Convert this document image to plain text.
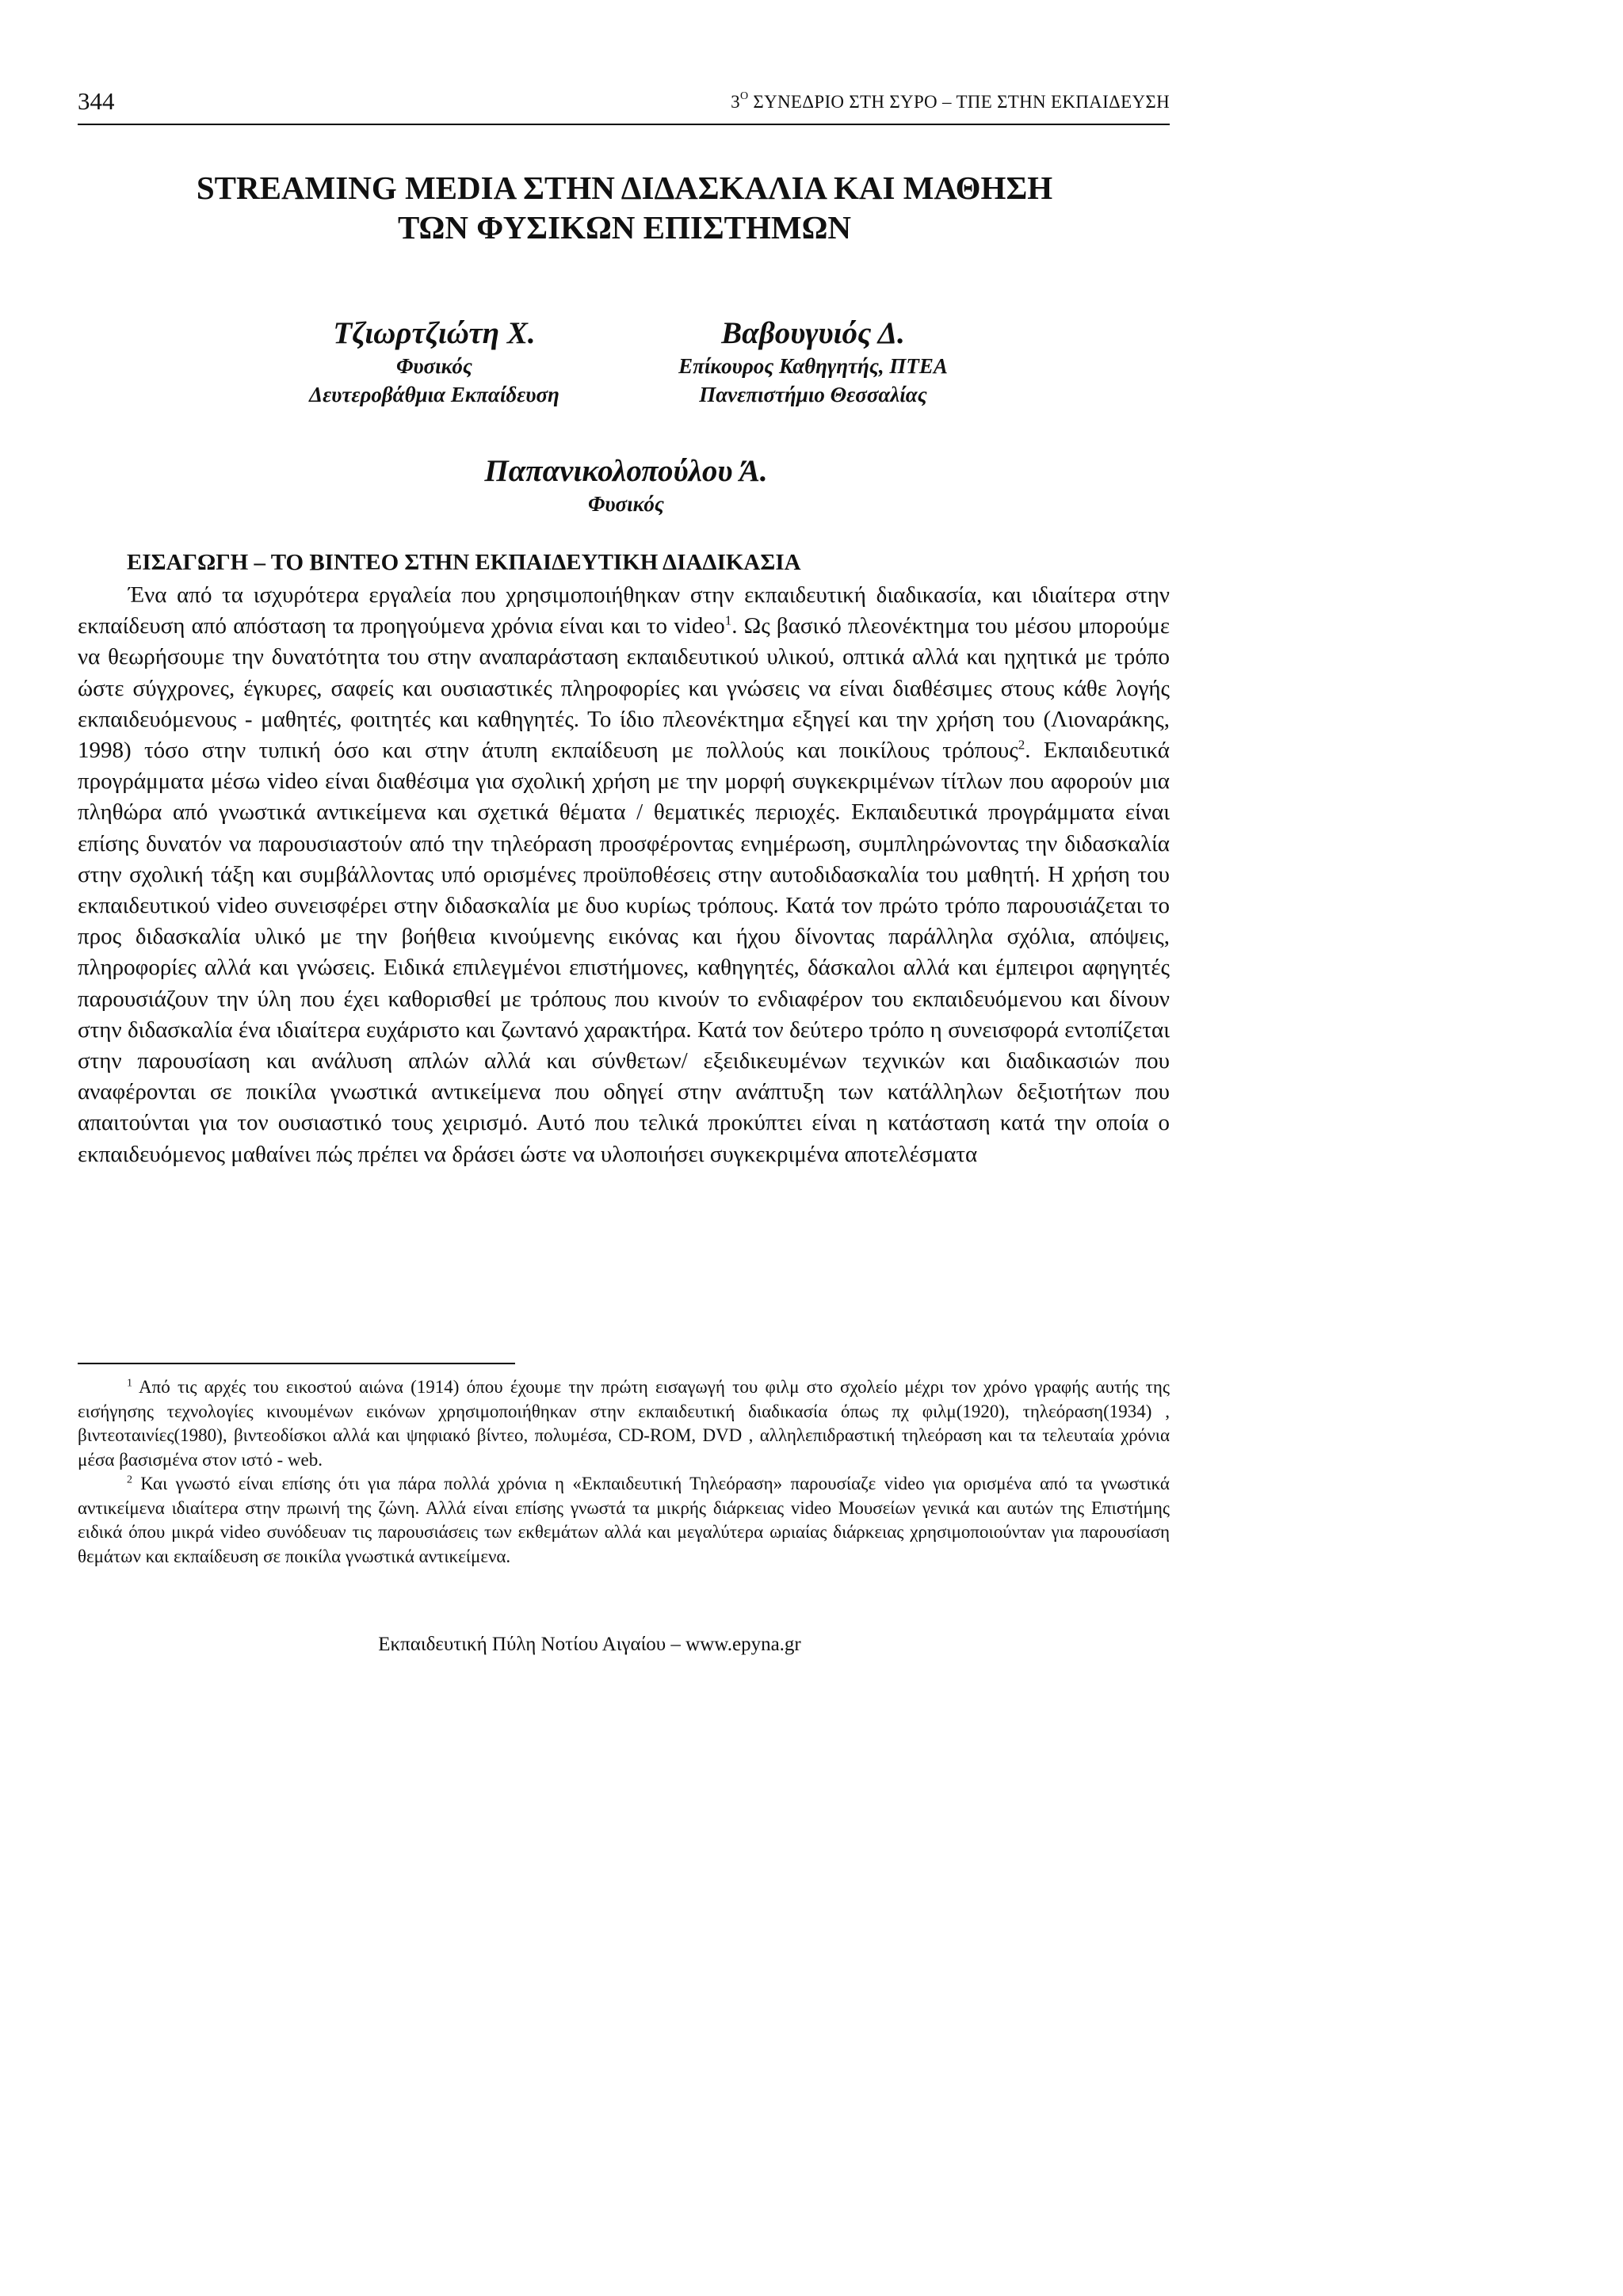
344	$3^O$ ΣΥΝΕΔΡΙΟ ΣΤΗ ΣΥΡΟ – ΤΠΕ ΣΤΗΝ ΕΚΠΑΙΔΕΥΣΗ
STREAMING MEDIA ΣΤΗΝ ΔΙΔΑΣΚΑΛΙΑ ΚΑΙ ΜΑΘΗΣΗ
ΤΩΝ ΦΥΣΙΚΩΝ ΕΠΙΣΤΗΜΩΝ
Τζιωρτζιώτη Χ.
Φυσικός
Δευτεροβάθμια Εκπαίδευση
Βαβουγυιός Δ.
Επίκουρος Καθηγητής, ΠΤΕΑ
Πανεπιστήμιο Θεσσαλίας
Παπανικολοπούλου Ά.
Φυσικός
ΕΙΣΑΓΩΓΗ – ΤΟ ΒΙΝΤΕΟ ΣΤΗΝ ΕΚΠΑΙΔΕΥΤΙΚΗ ΔΙΑΔΙΚΑΣΙΑ

Ένα από τα ισχυρότερα εργαλεία που χρησιμοποιήθηκαν στην εκπαιδευτική διαδικασία, και ιδιαίτερα στην εκπαίδευση από απόσταση τα προηγούμενα χρόνια είναι και το video$^1$. Ως βασικό πλεονέκτημα του μέσου μπορούμε να θεωρήσουμε την δυνατότητα του στην αναπαράσταση εκπαιδευτικού υλικού, οπτικά αλλά και ηχητικά με τρόπο ώστε σύγχρονες, έγκυρες, σαφείς και ουσιαστικές πληροφορίες και γνώσεις να είναι διαθέσιμες στους κάθε λογής εκπαιδευόμενους - μαθητές, φοιτητές και καθηγητές. Το ίδιο πλεονέκτημα εξηγεί και την χρήση του (Λιοναράκης, 1998) τόσο στην τυπική όσο και στην άτυπη εκπαίδευση με πολλούς και ποικίλους τρόπους$^2$. Εκπαιδευτικά προγράμματα μέσω video είναι διαθέσιμα για σχολική χρήση με την μορφή συγκεκριμένων τίτλων που αφορούν μια πληθώρα από γνωστικά αντικείμενα και σχετικά θέματα / θεματικές περιοχές. Εκπαιδευτικά προγράμματα είναι επίσης δυνατόν να παρουσιαστούν από την τηλεόραση προσφέροντας ενημέρωση, συμπληρώνοντας την διδασκαλία στην σχολική τάξη και συμβάλλοντας υπό ορισμένες προϋποθέσεις στην αυτοδιδασκαλία του μαθητή. Η χρήση του εκπαιδευτικού video συνεισφέρει στην διδασκαλία με δυο κυρίως τρόπους. Κατά τον πρώτο τρόπο παρουσιάζεται το προς διδασκαλία υλικό με την βοήθεια κινούμενης εικόνας και ήχου δίνοντας παράλληλα σχόλια, απόψεις, πληροφορίες αλλά και γνώσεις. Ειδικά επιλεγμένοι επιστήμονες, καθηγητές, δάσκαλοι αλλά και έμπειροι αφηγητές παρουσιάζουν την ύλη που έχει καθορισθεί με τρόπους που κινούν το ενδιαφέρον του εκπαιδευόμενου και δίνουν στην διδασκαλία ένα ιδιαίτερα ευχάριστο και ζωντανό χαρακτήρα. Κατά τον δεύτερο τρόπο η συνεισφορά εντοπίζεται στην παρουσίαση και ανάλυση απλών αλλά και σύνθετων/ εξειδικευμένων τεχνικών και διαδικασιών που αναφέρονται σε ποικίλα γνωστικά αντικείμενα που οδηγεί στην ανάπτυξη των κατάλληλων δεξιοτήτων που απαιτούνται για τον ουσιαστικό τους χειρισμό. Αυτό που τελικά προκύπτει είναι η κατάσταση κατά την οποία ο εκπαιδευόμενος μαθαίνει πώς πρέπει να δράσει ώστε να υλοποιήσει συγκεκριμένα αποτελέσματα

$^1$ Από τις αρχές του εικοστού αιώνα (1914) όπου έχουμε την πρώτη εισαγωγή του φιλμ στο σχολείο μέχρι τον χρόνο γραφής αυτής της εισήγησης τεχνολογίες κινουμένων εικόνων χρησιμοποιήθηκαν στην εκπαιδευτική διαδικασία όπως πχ φιλμ(1920), τηλεόραση(1934) , βιντεοταινίες(1980), βιντεοδίσκοι αλλά και ψηφιακό βίντεο, πολυμέσα, CD-ROM, DVD , αλληλεπιδραστική τηλεόραση και τα τελευταία χρόνια μέσα βασισμένα στον ιστό - web.

$^2$ Και γνωστό είναι επίσης ότι για πάρα πολλά χρόνια η «Εκπαιδευτική Τηλεόραση» παρουσίαζε video για ορισμένα από τα γνωστικά αντικείμενα ιδιαίτερα στην πρωινή της ζώνη. Αλλά είναι επίσης γνωστά τα μικρής διάρκειας video Μουσείων γενικά και αυτών της Επιστήμης ειδικά όπου μικρά video συνόδευαν τις παρουσιάσεις των εκθεμάτων αλλά και μεγαλύτερα ωριαίας διάρκειας χρησιμοποιούνταν για παρουσίαση θεμάτων και εκπαίδευση σε ποικίλα γνωστικά αντικείμενα.

Εκπαιδευτική Πύλη Νοτίου Αιγαίου – www.epyna.gr
